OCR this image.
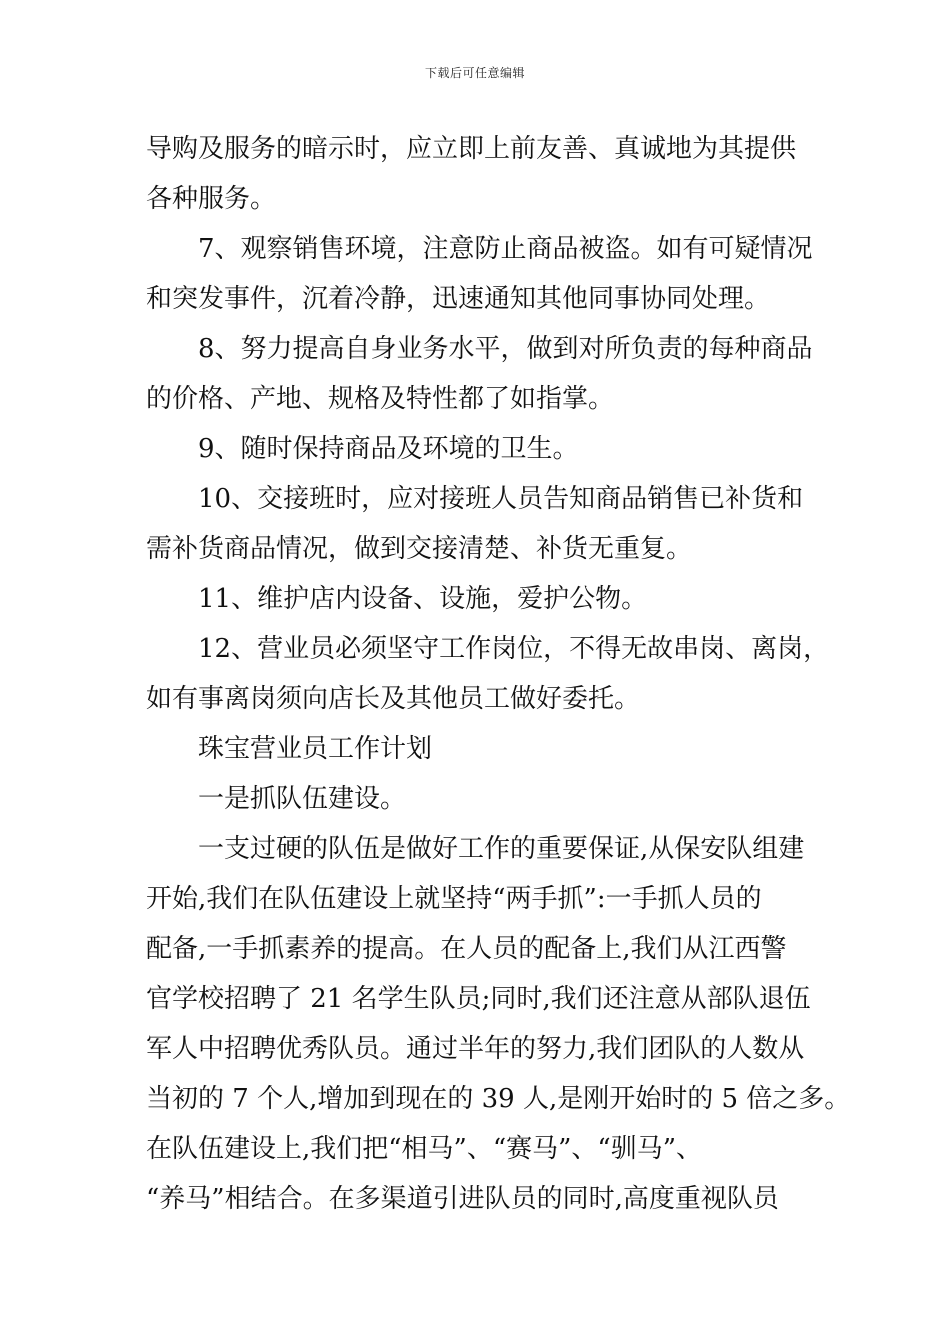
下载后可任意编辑
导购及服务的暗示时，应立即上前友善、真诚地为其提供
各种服务。
7、观察销售环境，注意防止商品被盗。如有可疑情况
和突发事件，沉着冷静，迅速通知其他同事协同处理。
8、努力提高自身业务水平，做到对所负责的每种商品
的价格、产地、规格及特性都了如指掌。
9、随时保持商品及环境的卫生。
10、交接班时，应对接班人员告知商品销售已补货和
需补货商品情况，做到交接清楚、补货无重复。
11、维护店内设备、设施，爱护公物。
12、营业员必须坚守工作岗位，不得无故串岗、离岗，
如有事离岗须向店长及其他员工做好委托。
珠宝营业员工作计划
一是抓队伍建设。
一支过硬的队伍是做好工作的重要保证,从保安队组建
开始,我们在队伍建设上就坚持“两手抓”:一手抓人员的
配备,一手抓素养的提高。在人员的配备上,我们从江西警
官学校招聘了 21 名学生队员;同时,我们还注意从部队退伍
军人中招聘优秀队员。通过半年的努力,我们团队的人数从
当初的 7 个人,增加到现在的 39 人,是刚开始时的 5 倍之多。
在队伍建设上,我们把“相马”、“赛马”、“驯马”、
“养马”相结合。在多渠道引进队员的同时,高度重视队员
